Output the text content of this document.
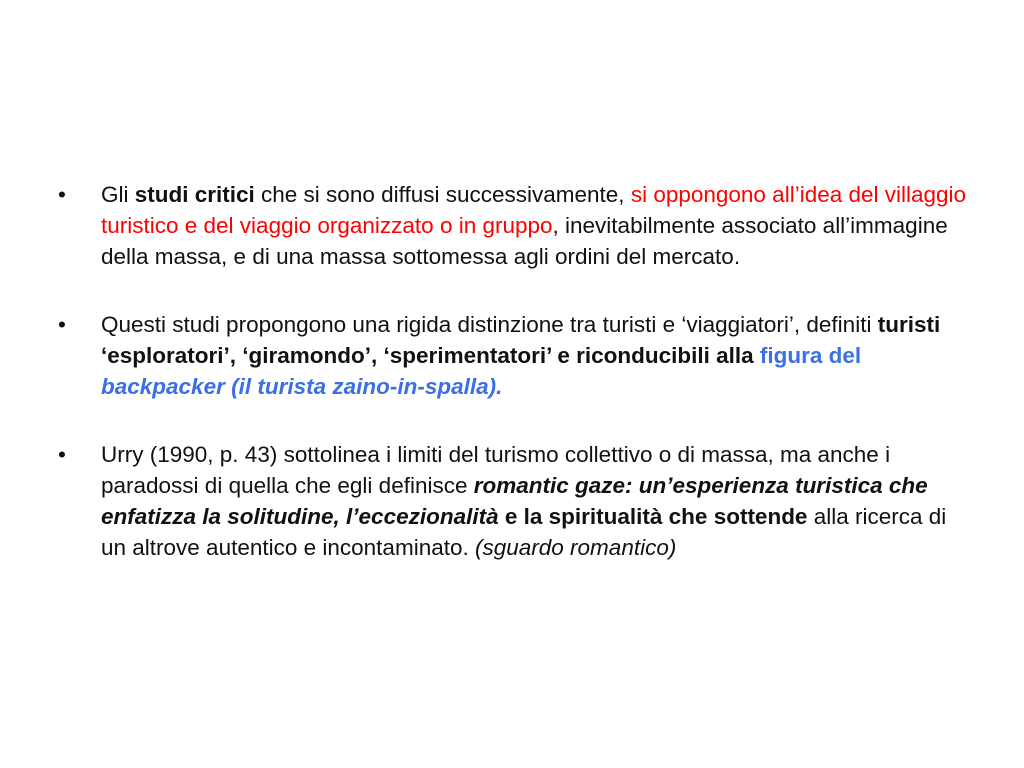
• Gli studi critici che si sono diffusi successivamente, si oppongono all’idea del villaggio turistico e del viaggio organizzato o in gruppo, inevitabilmente associato all’immagine della massa, e di una massa sottomessa agli ordini del mercato.
• Questi studi propongono una rigida distinzione tra turisti e ‘viaggiatori’, definiti turisti ‘esploratori’, ‘giramondo’, ‘sperimentatori’ e riconducibili alla figura del backpacker (il turista zaino-in-spalla).
• Urry (1990, p. 43) sottolinea i limiti del turismo collettivo o di massa, ma anche i paradossi di quella che egli definisce romantic gaze: un’esperienza turistica che enfatizza la solitudine, l’eccezionalità e la spiritualità che sottende alla ricerca di un altrove autentico e incontaminato. (sguardo romantico)
